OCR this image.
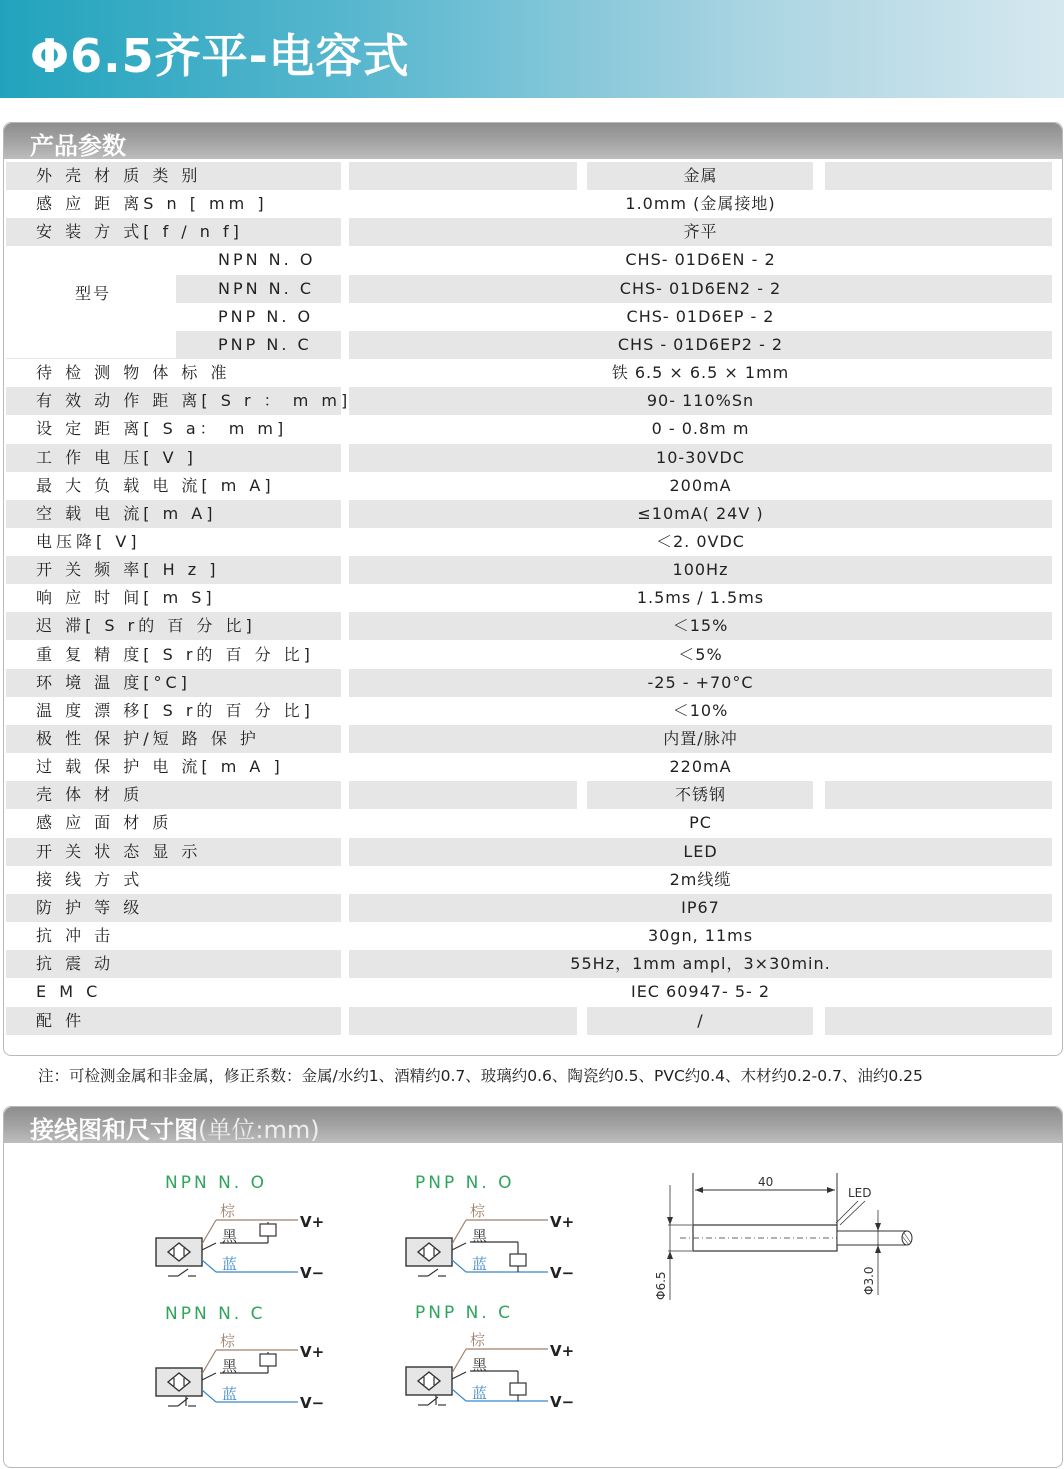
Φ6.5齐平-电容式
产品参数
外 壳 材 质 类 别	金属
感 应 距 离S n [ mm ]	1.0mm (金属接地)
安 装 方 式[ f / n f]	齐平
NPN N. O	CHS- 01D6EN - 2
NPN N. C	CHS- 01D6EN2 - 2
PNP N. O	CHS- 01D6EP - 2
PNP N. C	CHS - 01D6EP2 - 2
待 检 测 物 体 标 准	铁 6.5 × 6.5 × 1mm
有 效 动 作 距 离[ S r ： m m]	90- 110%Sn
设 定 距 离[ S a： m m]	0 - 0.8m m
工 作 电 压[ V ]	10-30VDC
最 大 负 载 电 流[ m A]	200mA
空 载 电 流[ m A]	≤10mA( 24V )
电压降[ V]	＜2. 0VDC
开 关 频 率[ H z ]	100Hz
响 应 时 间[ m S]	1.5ms / 1.5ms
迟 滞[ S r的 百 分 比]	＜15%
重 复 精 度[ S r的 百 分 比]	＜5%
环 境 温 度[°C]	-25 - +70°C
温 度 漂 移[ S r的 百 分 比]	＜10%
极 性 保 护/短 路 保 护	内置/脉冲
过 载 保 护 电 流[ m A ]	220mA
壳 体 材 质	不锈钢
感 应 面 材 质	PC
开 关 状 态 显 示	LED
接 线 方 式	2m线缆
防 护 等 级	IP67
抗 冲 击	30gn, 11ms
抗 震 动	55Hz，1mm ampl，3×30min.
E M C	IEC 60947- 5- 2
配 件	/
型号
注：可检测金属和非金属，修正系数：金属/水约1、酒精约0.7、玻璃约0.6、陶瓷约0.5、PVC约0.4、木材约0.2-0.7、油约0.25
接线图和尺寸图(单位:mm)
NPN N. O	PNP N. O
NPN N. C	PNP N. C
棕
黑
蓝
V+
V−
棕
黑
蓝
V+
V−
棕
黑
蓝
V+
V−
棕
黑
蓝
V+
V−
40
LED
Φ6.5	Φ3.0
